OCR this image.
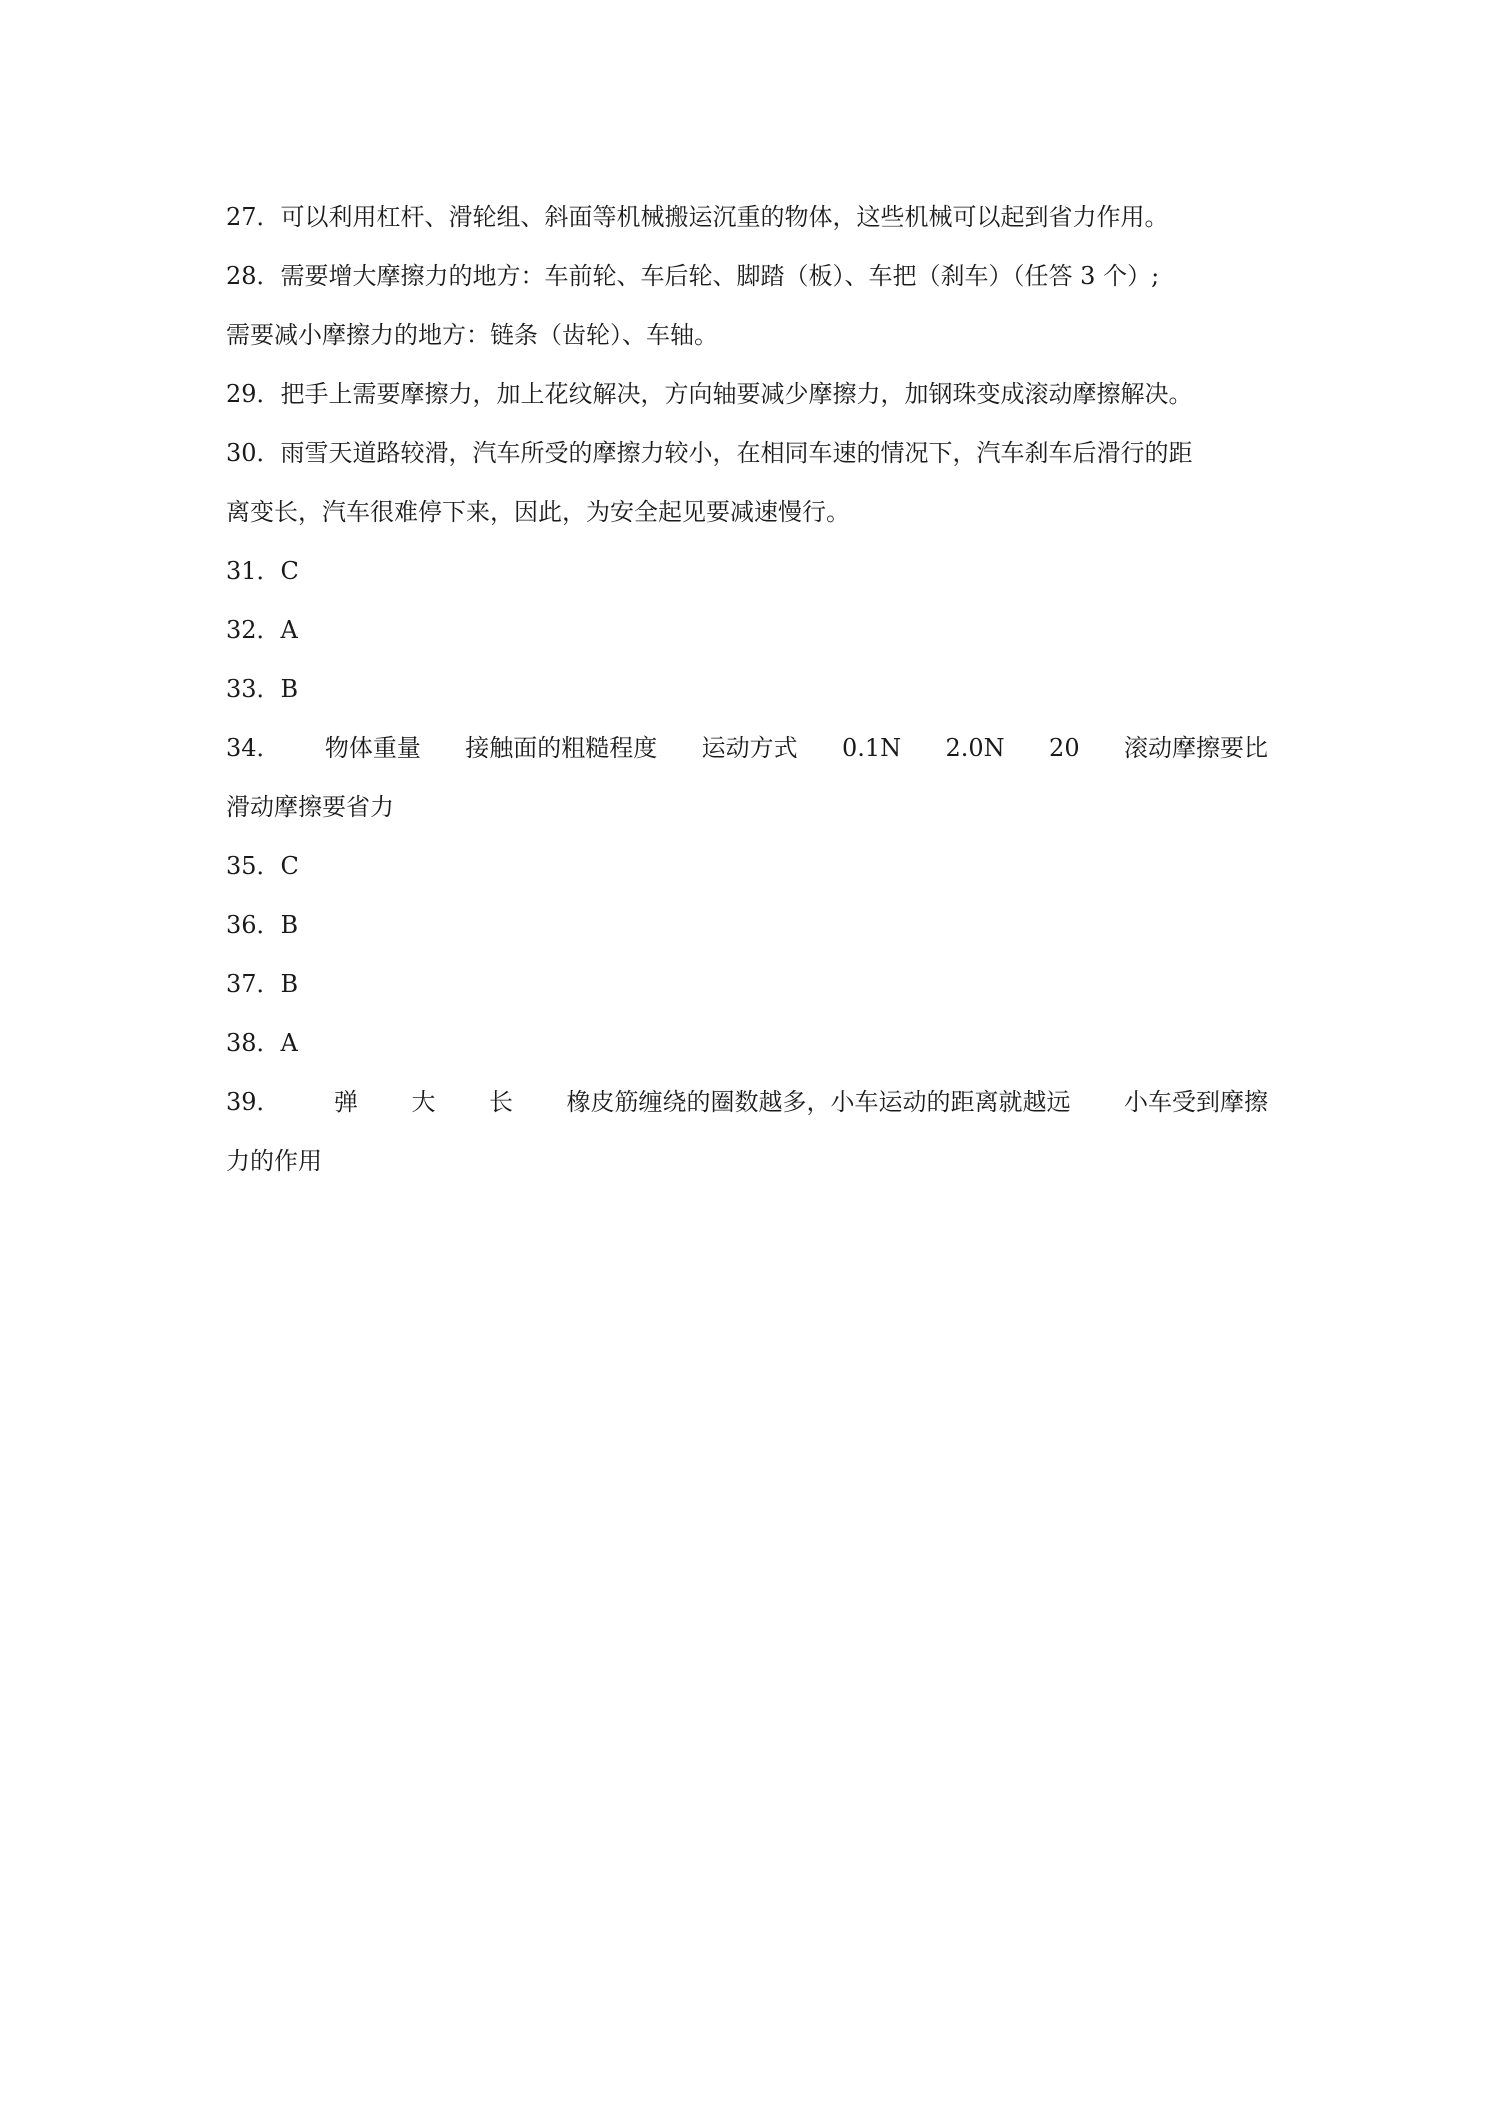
27．可以利用杠杆、滑轮组、斜面等机械搬运沉重的物体，这些机械可以起到省力作用。
28．需要增大摩擦力的地方：车前轮、车后轮、脚踏（板）、车把（刹车）（任答 3 个）;
需要减小摩擦力的地方：链条（齿轮）、车轴。
29．把手上需要摩擦力，加上花纹解决，方向轴要减少摩擦力，加钢珠变成滚动摩擦解决。
30．雨雪天道路较滑，汽车所受的摩擦力较小，在相同车速的情况下，汽车刹车后滑行的距
离变长，汽车很难停下来，因此，为安全起见要减速慢行。
31．C
32．A
33．B
34． 物体重量 接触面的粗糙程度 运动方式 0.1N 2.0N 20 滚动摩擦要比
滑动摩擦要省力
35．C
36．B
37．B
38．A
39． 弹 大 长 橡皮筋缠绕的圈数越多，小车运动的距离就越远 小车受到摩擦
力的作用
